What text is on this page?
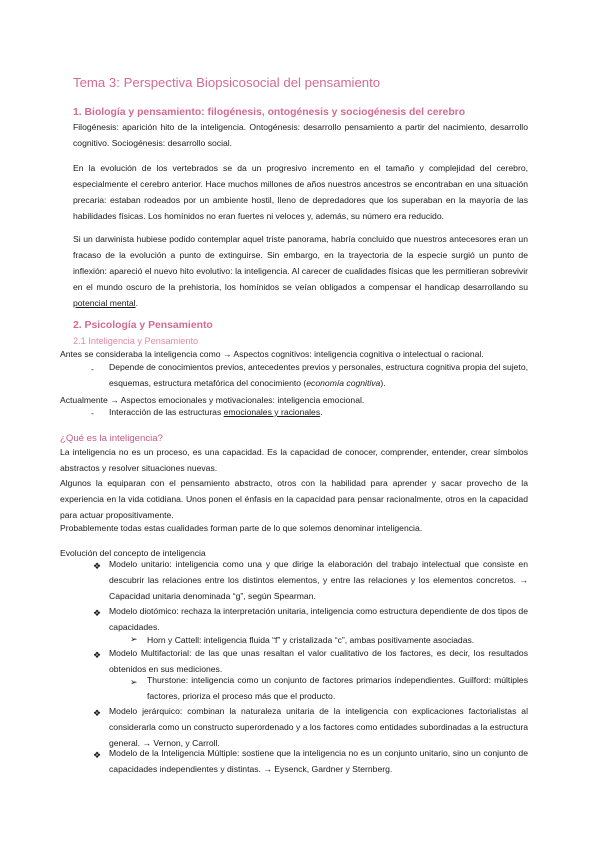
Tema 3: Perspectiva Biopsicosocial del pensamiento
1. Biología y pensamiento: filogénesis, ontogénesis y sociogénesis del cerebro

Filogénesis: aparición hito de la inteligencia. Ontogénesis: desarrollo pensamiento a partir del nacimiento, desarrollo cognitivo. Sociogénesis: desarrollo social.

En la evolución de los vertebrados se da un progresivo incremento en el tamaño y complejidad del cerebro, especialmente el cerebro anterior. Hace muchos millones de años nuestros ancestros se encontraban en una situación precaria: estaban rodeados por un ambiente hostil, lleno de depredadores que los superaban en la mayoría de las habilidades físicas. Los homínidos no eran fuertes ni veloces y, además, su número era reducido.

Si un darwinista hubiese podido contemplar aquel triste panorama, habría concluido que nuestros antecesores eran un fracaso de la evolución a punto de extinguirse. Sin embargo, en la trayectoria de la especie surgió un punto de inflexión: apareció el nuevo hito evolutivo: la inteligencia. Al carecer de cualidades físicas que les permitieran sobrevivir en el mundo oscuro de la prehistoria, los homínidos se veían obligados a compensar el handicap desarrollando su potencial mental.

2. Psicología y Pensamiento
2.1 Inteligencia y Pensamiento
Antes se consideraba la inteligencia como → Aspectos cognitivos: inteligencia cognitiva o intelectual o racional.
- Depende de conocimientos previos, antecedentes previos y personales, estructura cognitiva propia del sujeto, esquemas, estructura metafórica del conocimiento (economía cognitiva).

Actualmente → Aspectos emocionales y motivacionales: inteligencia emocional.
- Interacción de las estructuras emocionales y racionales.
¿Qué es la inteligencia?

La inteligencia no es un proceso, es una capacidad. Es la capacidad de conocer, comprender, entender, crear símbolos abstractos y resolver situaciones nuevas.

Algunos la equiparan con el pensamiento abstracto, otros con la habilidad para aprender y sacar provecho de la experiencia en la vida cotidiana. Unos ponen el énfasis en la capacidad para pensar racionalmente, otros en la capacidad para actuar propositivamente.

Probablemente todas estas cualidades forman parte de lo que solemos denominar inteligencia.
Evolución del concepto de inteligencia
❖ Modelo unitario: inteligencia como una y que dirige la elaboración del trabajo intelectual que consiste en descubrir las relaciones entre los distintos elementos, y entre las relaciones y los elementos concretos. → Capacidad unitaria denominada “g”, según Spearman.

❖ Modelo diotómico: rechaza la interpretación unitaria, inteligencia como estructura dependiente de dos tipos de capacidades.

➢ Horn y Cattell: inteligencia fluida “f” y cristalizada “c”, ambas positivamente asociadas.
❖ Modelo Multifactorial: de las que unas resaltan el valor cualitativo de los factores, es decir, los resultados obtenidos en sus mediciones.

➢ Thurstone: inteligencia como un conjunto de factores primarios independientes. Guilford: múltiples factores, prioriza el proceso más que el producto.

❖ Modelo jerárquico: combinan la naturaleza unitaria de la inteligencia con explicaciones factorialistas al considerarla como un constructo superordenado y a los factores como entidades subordinadas a la estructura general. → Vernon, y Carroll.

❖ Modelo de la Inteligencia Múltiple: sostiene que la inteligencia no es un conjunto unitario, sino un conjunto de capacidades independientes y distintas. → Eysenck, Gardner y Sternberg.
